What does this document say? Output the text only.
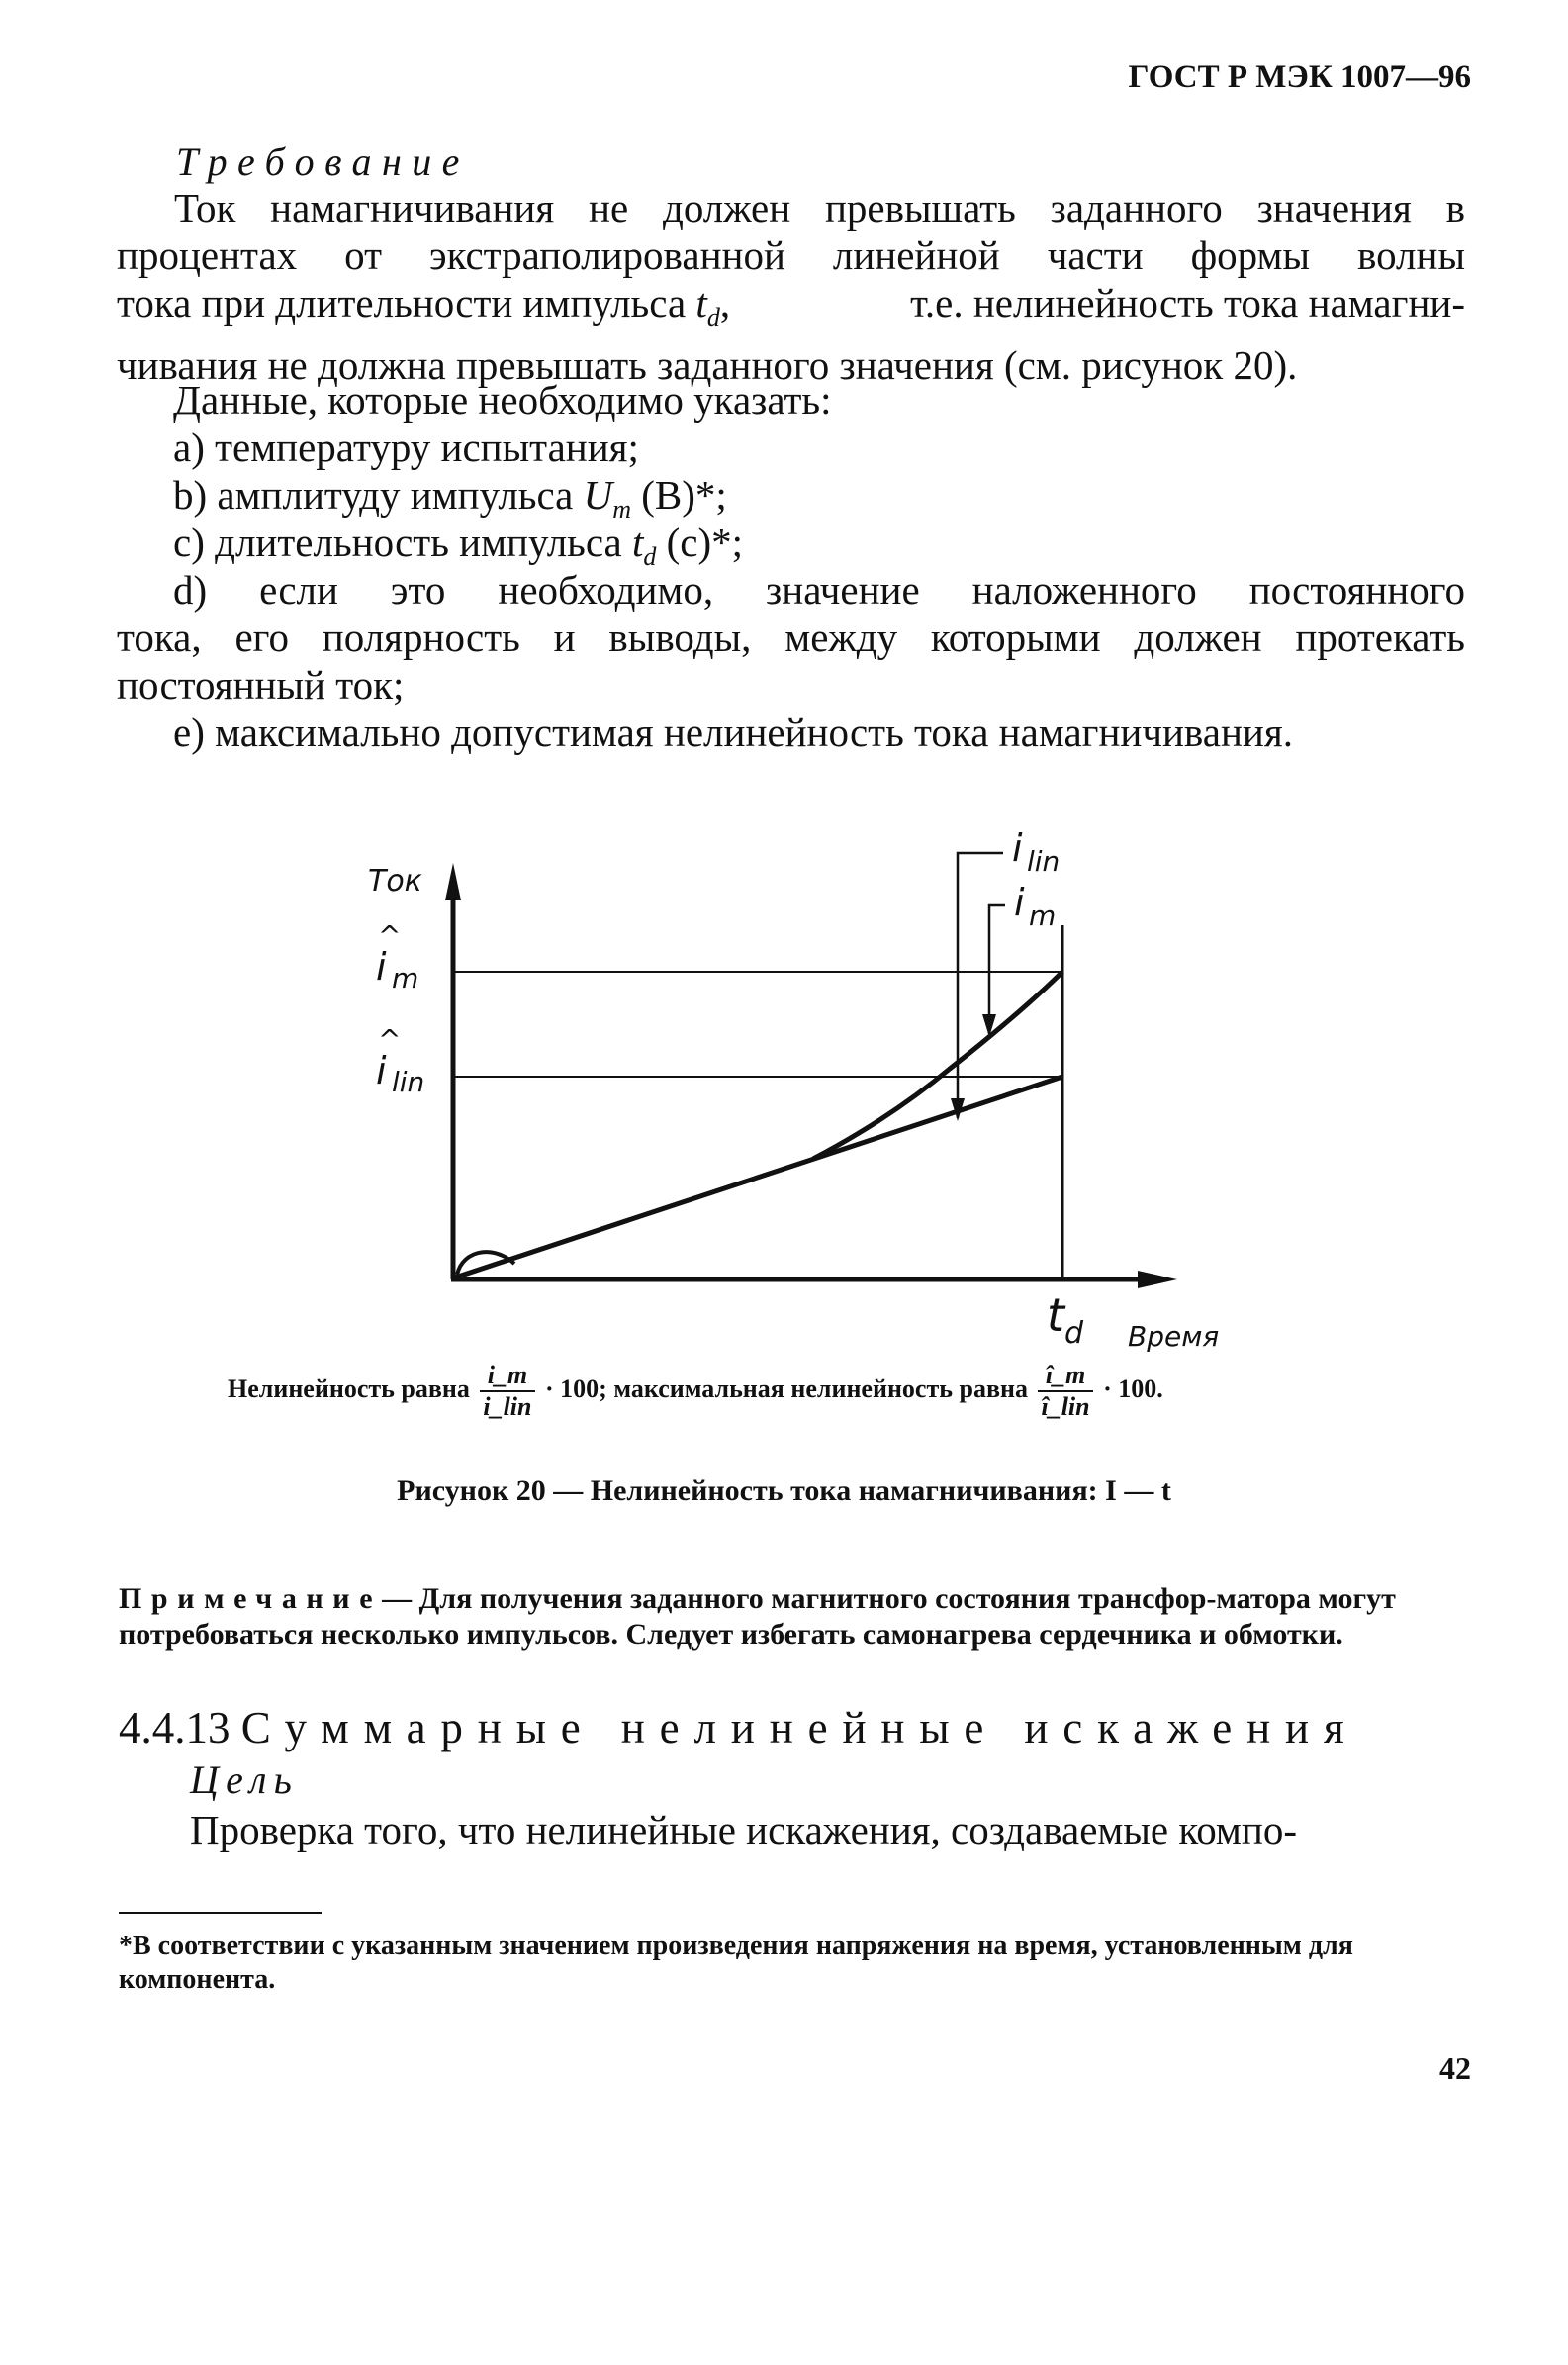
ГОСТ Р МЭК 1007—96
Требование
Ток намагничивания не должен превышать заданного значения в
процентах от экстраполированной линейной части формы волны
тока при длительности импульса $t_d$,	т.е. нелинейность тока намагни-
чивания не должна превышать заданного значения (см. рисунок 20).
Данные, которые необходимо указать:
a) температуру испытания;
b) амплитуду импульса $U_m$ (В)*;
c) длительность импульса $t_d$ (с)*;
d) если это необходимо, значение наложенного постоянного
тока, его полярность и выводы, между которыми должен протекать
постоянный ток;
e) максимально допустимая нелинейность тока намагничивания.
Ток
Время
^
i m
^
i lin
t d
i lin
i m
Нелинейность равна $\frac{i\_m}{\text{i\_lin}} \cdot 100$; максимальная нелинейность равна $\frac{î\_m}{\text{î\_lin}} \cdot 100$.
Рисунок 20 — Нелинейность тока намагничивания: I — t
Примечание— Для получения заданного магнитного состояния трансфор-матора могут потребоваться несколько импульсов. Следует избегать самонагрева сердечника и обмотки.
4.4.13 Суммарные нелинейные искажения
Цель
Проверка того, что нелинейные искажения, создаваемые компо-
*В соответствии с указанным значением произведения напряжения на время, установленным для компонента.
42
